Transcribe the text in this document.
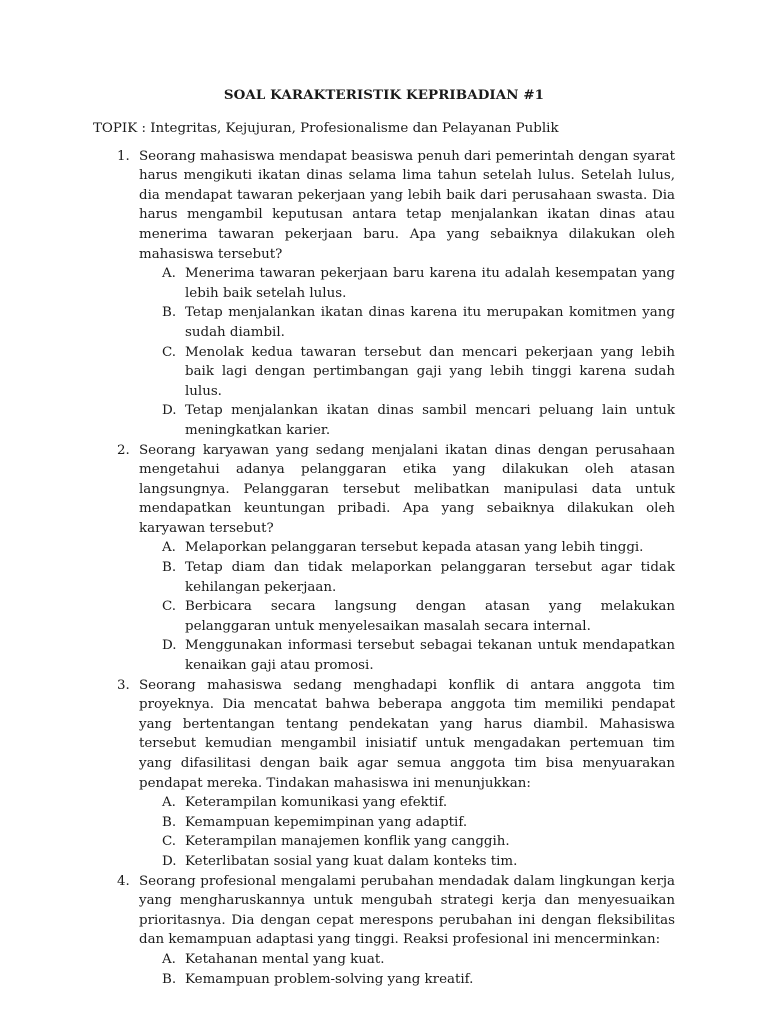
SOAL KARAKTERISTIK KEPRIBADIAN #1
TOPIK : Integritas, Kejujuran, Profesionalisme dan Pelayanan Publik
1. Seorang mahasiswa mendapat beasiswa penuh dari pemerintah dengan syarat harus mengikuti ikatan dinas selama lima tahun setelah lulus. Setelah lulus, dia mendapat tawaran pekerjaan yang lebih baik dari perusahaan swasta. Dia harus mengambil keputusan antara tetap menjalankan ikatan dinas atau menerima tawaran pekerjaan baru. Apa yang sebaiknya dilakukan oleh mahasiswa tersebut?

A. Menerima tawaran pekerjaan baru karena itu adalah kesempatan yang lebih baik setelah lulus.
B. Tetap menjalankan ikatan dinas karena itu merupakan komitmen yang sudah diambil.
C. Menolak kedua tawaran tersebut dan mencari pekerjaan yang lebih baik lagi dengan pertimbangan gaji yang lebih tinggi karena sudah lulus.
D. Tetap menjalankan ikatan dinas sambil mencari peluang lain untuk meningkatkan karier.
2. Seorang karyawan yang sedang menjalani ikatan dinas dengan perusahaan mengetahui adanya pelanggaran etika yang dilakukan oleh atasan langsungnya. Pelanggaran tersebut melibatkan manipulasi data untuk mendapatkan keuntungan pribadi. Apa yang sebaiknya dilakukan oleh karyawan tersebut?

A. Melaporkan pelanggaran tersebut kepada atasan yang lebih tinggi.
B. Tetap diam dan tidak melaporkan pelanggaran tersebut agar tidak kehilangan pekerjaan.
C. Berbicara secara langsung dengan atasan yang melakukan pelanggaran untuk menyelesaikan masalah secara internal.
D. Menggunakan informasi tersebut sebagai tekanan untuk mendapatkan kenaikan gaji atau promosi.
3. Seorang mahasiswa sedang menghadapi konflik di antara anggota tim proyeknya. Dia mencatat bahwa beberapa anggota tim memiliki pendapat yang bertentangan tentang pendekatan yang harus diambil. Mahasiswa tersebut kemudian mengambil inisiatif untuk mengadakan pertemuan tim yang difasilitasi dengan baik agar semua anggota tim bisa menyuarakan pendapat mereka. Tindakan mahasiswa ini menunjukkan:

A. Keterampilan komunikasi yang efektif.
B. Kemampuan kepemimpinan yang adaptif.
C. Keterampilan manajemen konflik yang canggih.
D. Keterlibatan sosial yang kuat dalam konteks tim.
4. Seorang profesional mengalami perubahan mendadak dalam lingkungan kerja yang mengharuskannya untuk mengubah strategi kerja dan menyesuaikan prioritasnya. Dia dengan cepat merespons perubahan ini dengan fleksibilitas dan kemampuan adaptasi yang tinggi. Reaksi profesional ini mencerminkan:

A. Ketahanan mental yang kuat.
B. Kemampuan problem-solving yang kreatif.
